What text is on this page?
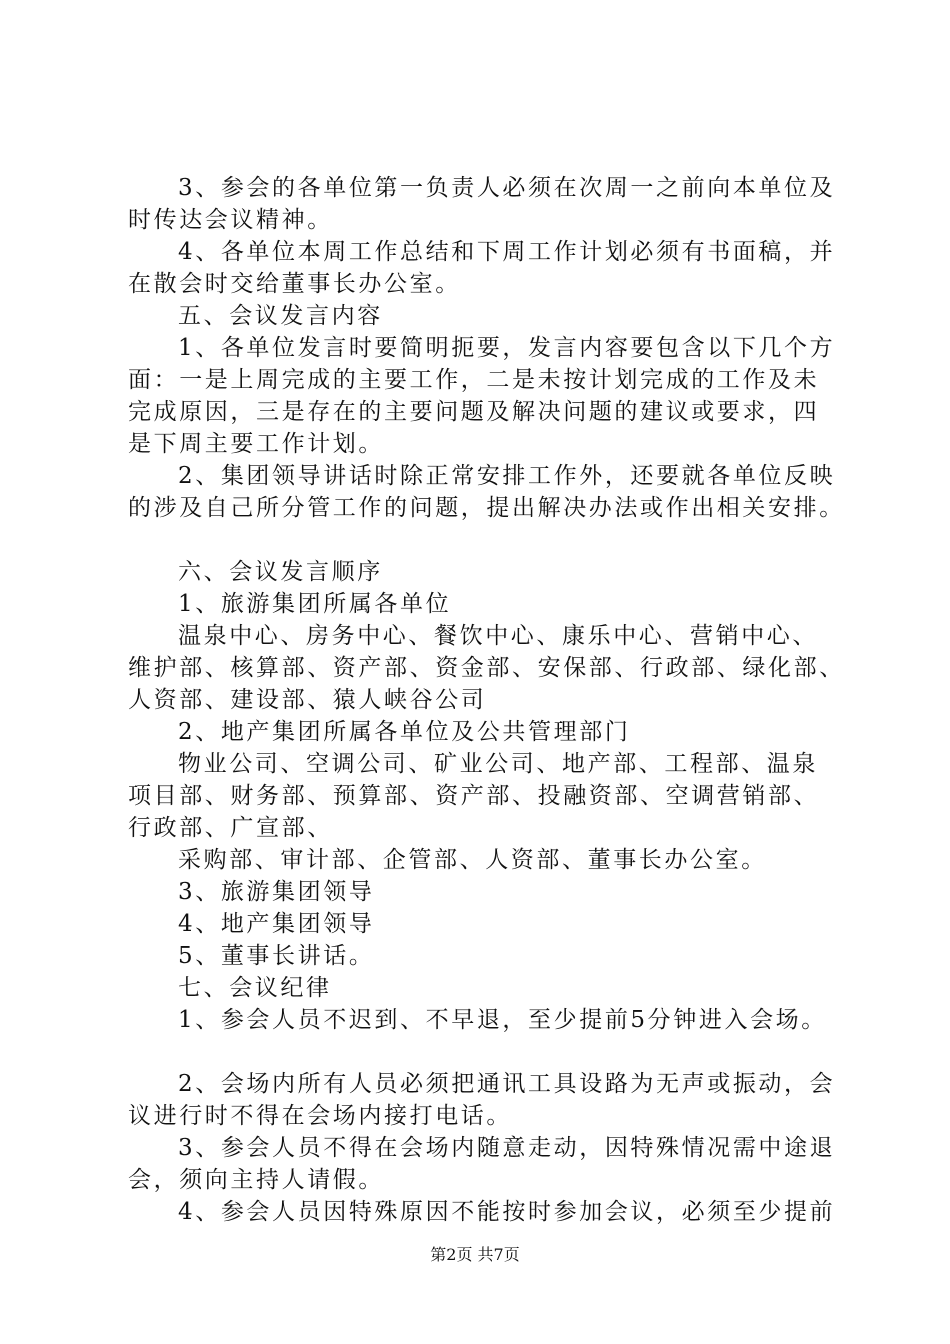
3、参会的各单位第一负责人必须在次周一之前向本单位及

时传达会议精神。

4、各单位本周工作总结和下周工作计划必须有书面稿，并

在散会时交给董事长办公室。

五、会议发言内容

1、各单位发言时要简明扼要，发言内容要包含以下几个方

面：一是上周完成的主要工作，二是未按计划完成的工作及未

完成原因，三是存在的主要问题及解决问题的建议或要求，四

是下周主要工作计划。

2、集团领导讲话时除正常安排工作外，还要就各单位反映

的涉及自己所分管工作的问题，提出解决办法或作出相关安排。

六、会议发言顺序

1、旅游集团所属各单位

温泉中心、房务中心、餐饮中心、康乐中心、营销中心、

维护部、核算部、资产部、资金部、安保部、行政部、绿化部、

人资部、建设部、猿人峡谷公司

2、地产集团所属各单位及公共管理部门

物业公司、空调公司、矿业公司、地产部、工程部、温泉

项目部、财务部、预算部、资产部、投融资部、空调营销部、

行政部、广宣部、

采购部、审计部、企管部、人资部、董事长办公室。

3、旅游集团领导

4、地产集团领导

5、董事长讲话。

七、会议纪律

1、参会人员不迟到、不早退，至少提前5分钟进入会场。

2、会场内所有人员必须把通讯工具设路为无声或振动，会

议进行时不得在会场内接打电话。

3、参会人员不得在会场内随意走动，因特殊情况需中途退

会，须向主持人请假。

4、参会人员因特殊原因不能按时参加会议，必须至少提前

第2页 共7页
